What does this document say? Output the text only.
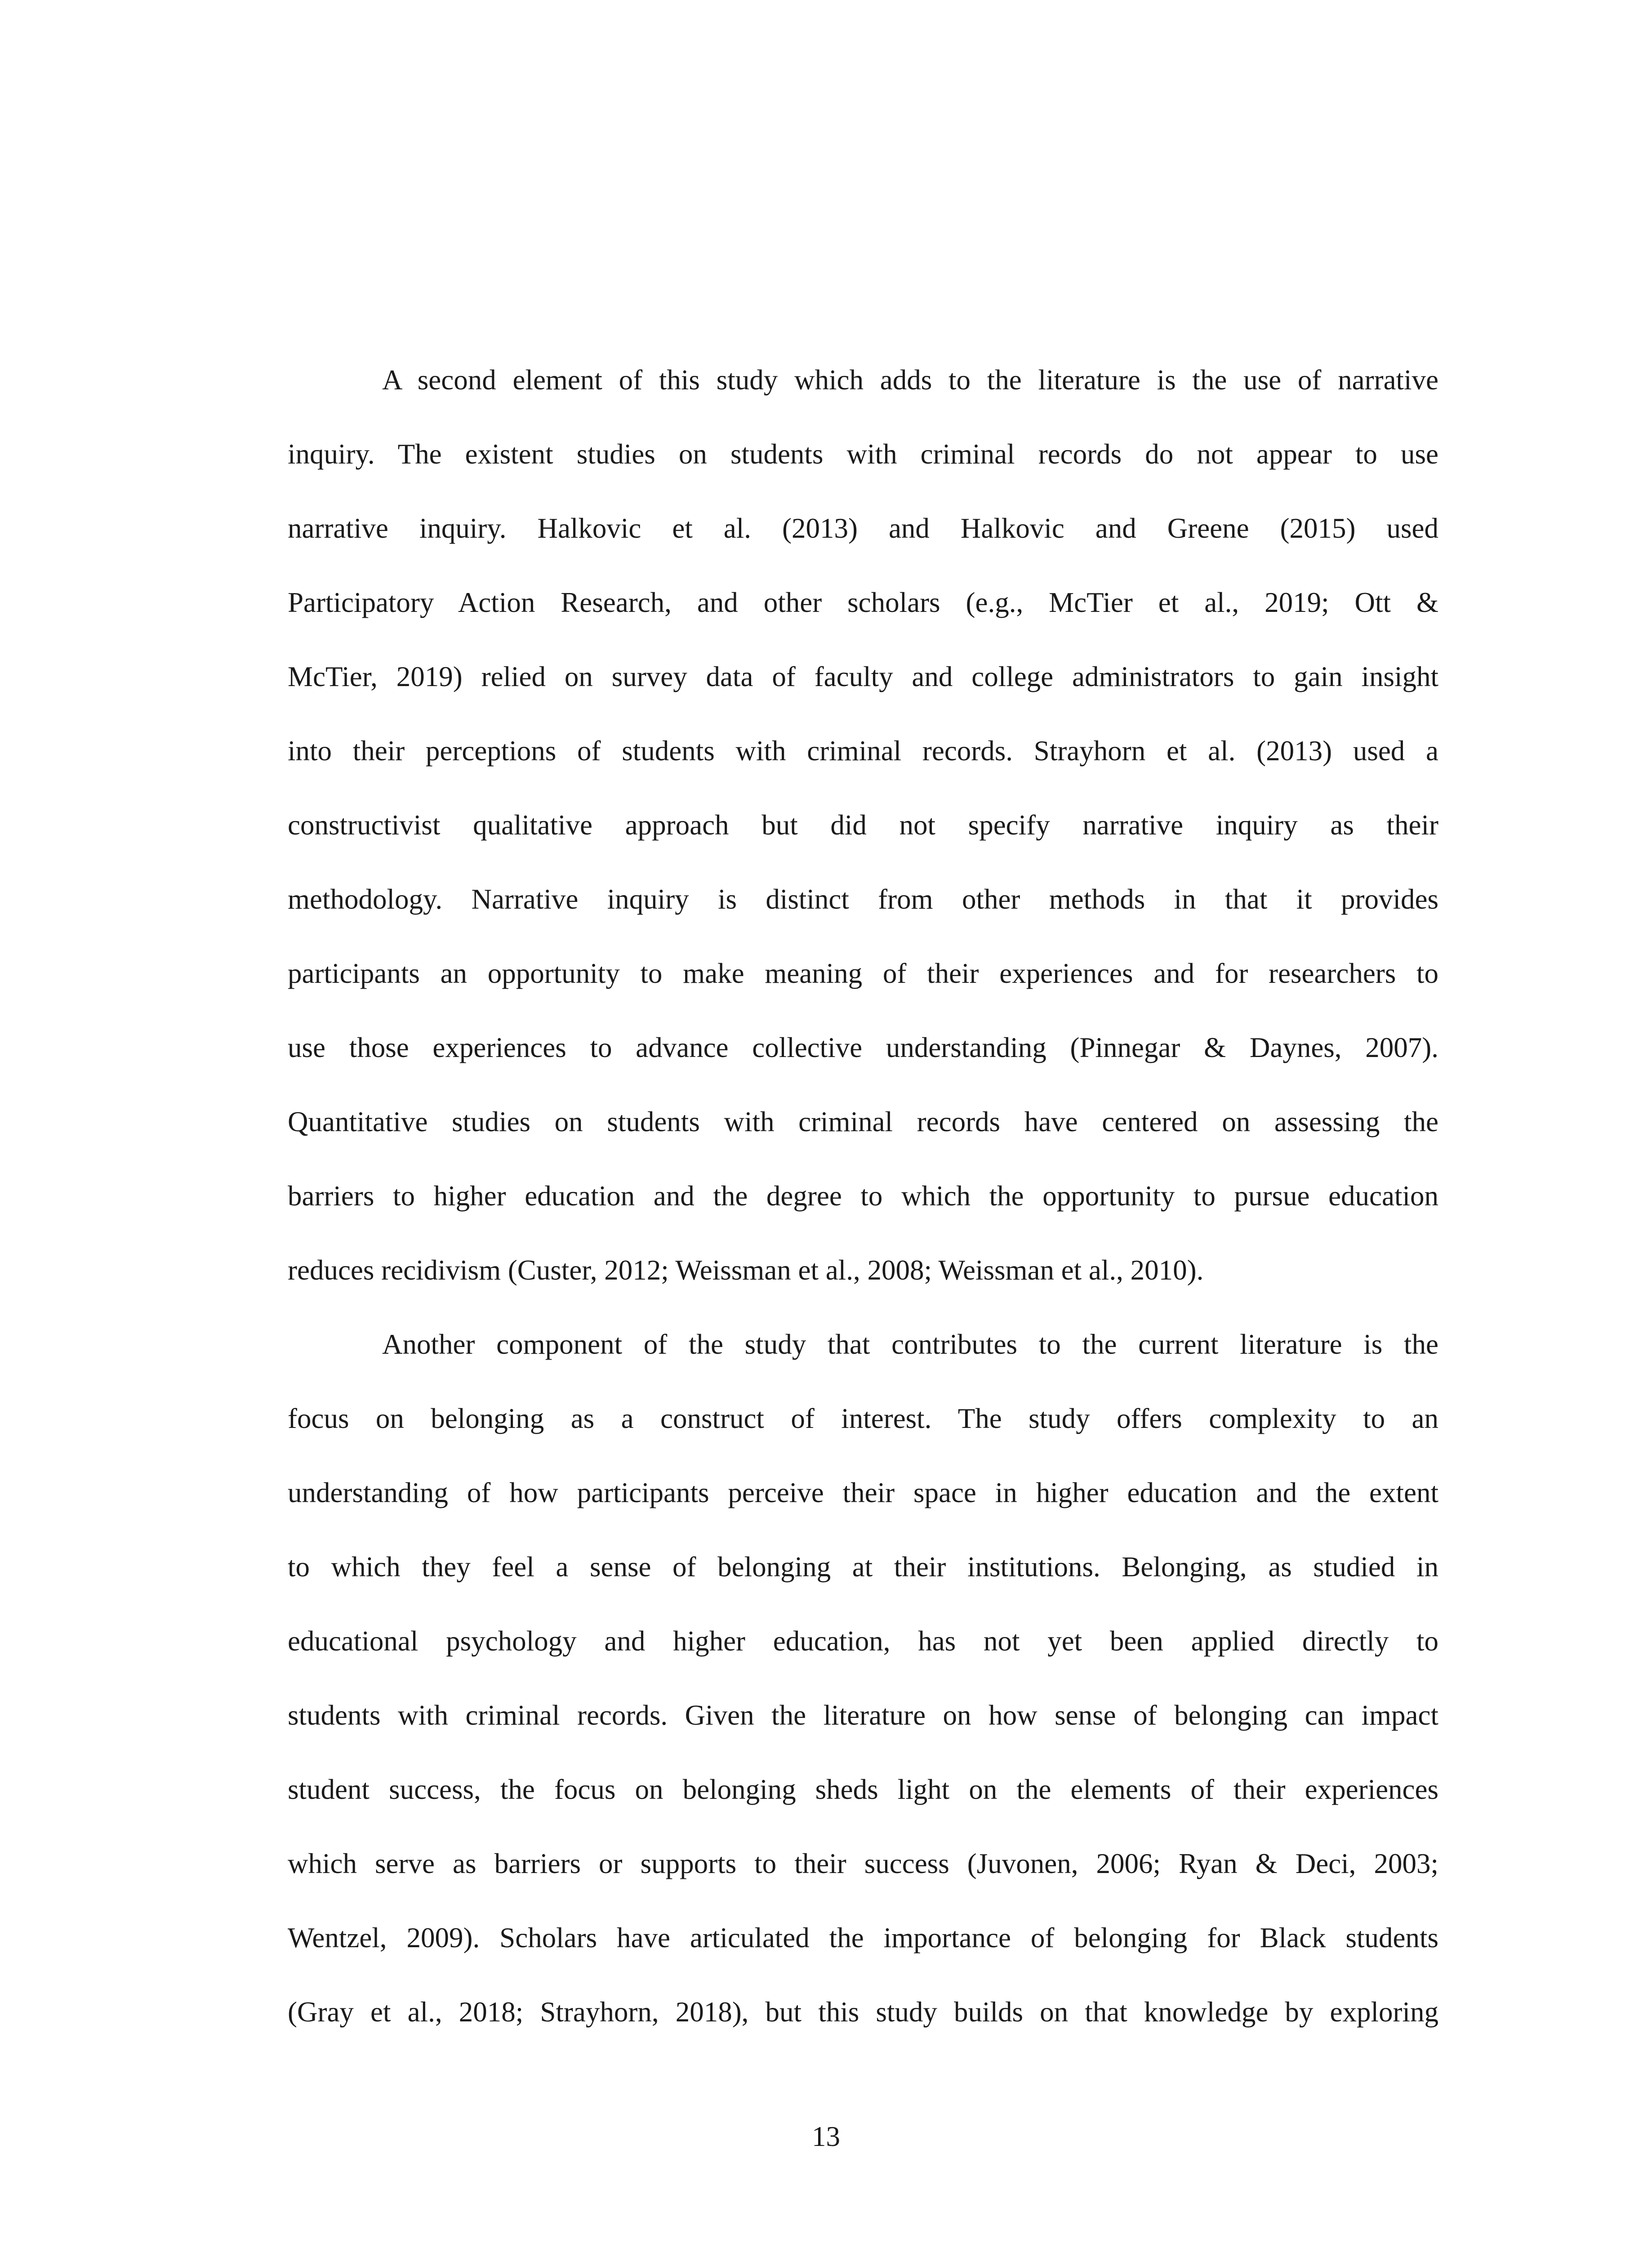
A second element of this study which adds to the literature is the use of narrative
inquiry. The existent studies on students with criminal records do not appear to use
narrative inquiry. Halkovic et al. (2013) and Halkovic and Greene (2015) used
Participatory Action Research, and other scholars (e.g., McTier et al., 2019; Ott &
McTier, 2019) relied on survey data of faculty and college administrators to gain insight
into their perceptions of students with criminal records. Strayhorn et al. (2013) used a
constructivist qualitative approach but did not specify narrative inquiry as their
methodology. Narrative inquiry is distinct from other methods in that it provides
participants an opportunity to make meaning of their experiences and for researchers to
use those experiences to advance collective understanding (Pinnegar & Daynes, 2007).
Quantitative studies on students with criminal records have centered on assessing the
barriers to higher education and the degree to which the opportunity to pursue education
reduces recidivism (Custer, 2012; Weissman et al., 2008; Weissman et al., 2010).
Another component of the study that contributes to the current literature is the
focus on belonging as a construct of interest. The study offers complexity to an
understanding of how participants perceive their space in higher education and the extent
to which they feel a sense of belonging at their institutions. Belonging, as studied in
educational psychology and higher education, has not yet been applied directly to
students with criminal records. Given the literature on how sense of belonging can impact
student success, the focus on belonging sheds light on the elements of their experiences
which serve as barriers or supports to their success (Juvonen, 2006; Ryan & Deci, 2003;
Wentzel, 2009). Scholars have articulated the importance of belonging for Black students
(Gray et al., 2018; Strayhorn, 2018), but this study builds on that knowledge by exploring
13
